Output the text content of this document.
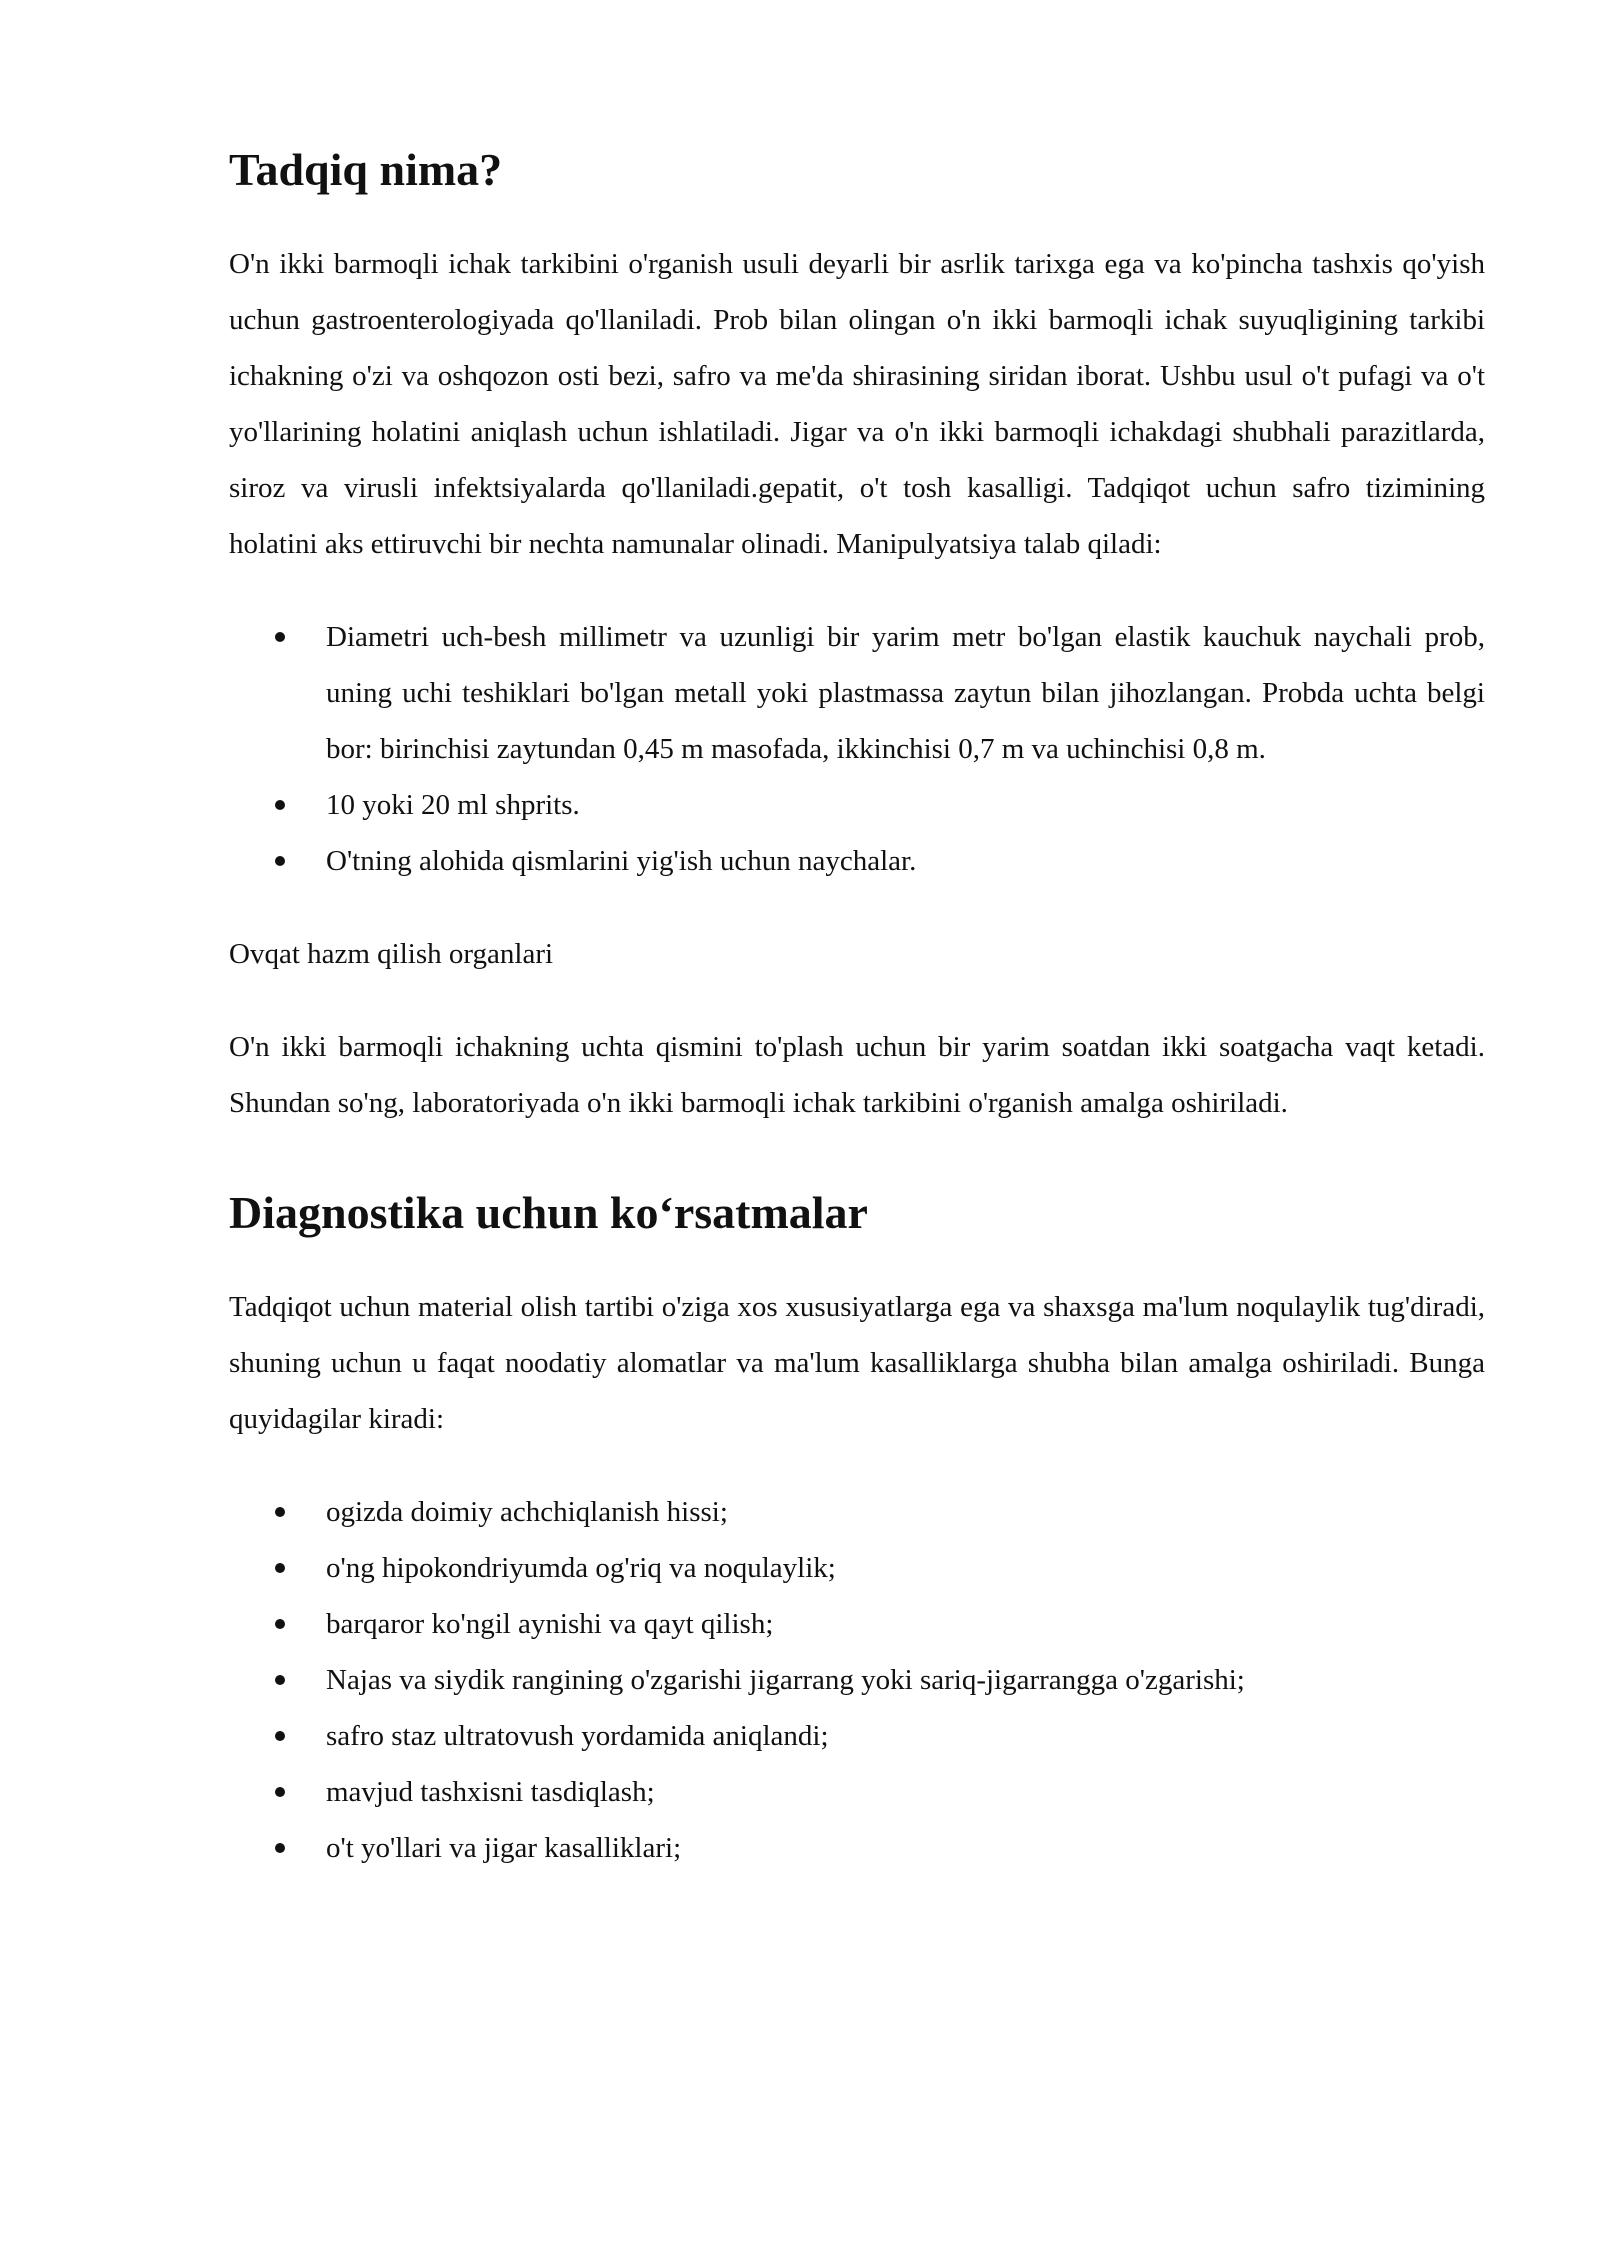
Tadqiq nima?

O'n ikki barmoqli ichak tarkibini o'rganish usuli deyarli bir asrlik tarixga ega va ko'pincha tashxis qo'yish uchun gastroenterologiyada qo'llaniladi. Prob bilan olingan o'n ikki barmoqli ichak suyuqligining tarkibi ichakning o'zi va oshqozon osti bezi, safro va me'da shirasining siridan iborat. Ushbu usul o't pufagi va o't yo'llarining holatini aniqlash uchun ishlatiladi. Jigar va o'n ikki barmoqli ichakdagi shubhali parazitlarda, siroz va virusli infektsiyalarda qo'llaniladi.gepatit, o't tosh kasalligi. Tadqiqot uchun safro tizimining holatini aks ettiruvchi bir nechta namunalar olinadi. Manipulyatsiya talab qiladi:

Diametri uch-besh millimetr va uzunligi bir yarim metr bo'lgan elastik kauchuk naychali prob, uning uchi teshiklari bo'lgan metall yoki plastmassa zaytun bilan jihozlangan. Probda uchta belgi bor: birinchisi zaytundan 0,45 m masofada, ikkinchisi 0,7 m va uchinchisi 0,8 m.
10 yoki 20 ml shprits.
O'tning alohida qismlarini yig'ish uchun naychalar.

Ovqat hazm qilish organlari

O'n ikki barmoqli ichakning uchta qismini to'plash uchun bir yarim soatdan ikki soatgacha vaqt ketadi. Shundan so'ng, laboratoriyada o'n ikki barmoqli ichak tarkibini o'rganish amalga oshiriladi.

Diagnostika uchun koʻrsatmalar

Tadqiqot uchun material olish tartibi o'ziga xos xususiyatlarga ega va shaxsga ma'lum noqulaylik tug'diradi, shuning uchun u faqat noodatiy alomatlar va ma'lum kasalliklarga shubha bilan amalga oshiriladi. Bunga quyidagilar kiradi:

ogizda doimiy achchiqlanish hissi;
o'ng hipokondriyumda og'riq va noqulaylik;
barqaror ko'ngil aynishi va qayt qilish;
Najas va siydik rangining o'zgarishi jigarrang yoki sariq-jigarrangga o'zgarishi;
safro staz ultratovush yordamida aniqlandi;
mavjud tashxisni tasdiqlash;
o't yo'llari va jigar kasalliklari;
